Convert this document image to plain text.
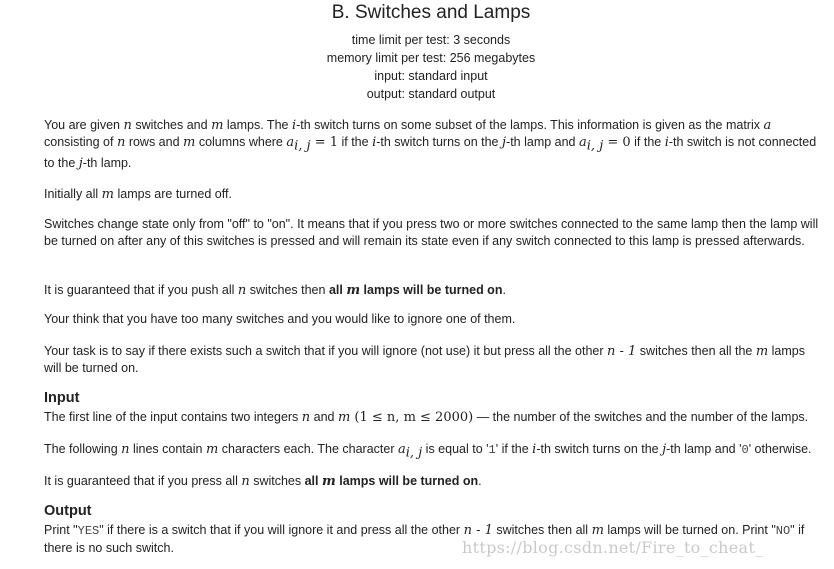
B. Switches and Lamps
time limit per test: 3 seconds
memory limit per test: 256 megabytes
input: standard input
output: standard output
You are given n switches and m lamps. The i-th switch turns on some subset of the lamps. This information is given as the matrix a consisting of n rows and m columns where $a_{i, j} = 1$ if the i-th switch turns on the j-th lamp and $a_{i, j} = 0$ if the i-th switch is not connected to the j-th lamp.
Initially all m lamps are turned off.
Switches change state only from "off" to "on". It means that if you press two or more switches connected to the same lamp then the lamp will be turned on after any of this switches is pressed and will remain its state even if any switch connected to this lamp is pressed afterwards.
It is guaranteed that if you push all n switches then all m lamps will be turned on.
Your think that you have too many switches and you would like to ignore one of them.
Your task is to say if there exists such a switch that if you will ignore (not use) it but press all the other n - 1 switches then all the m lamps will be turned on.
Input
The first line of the input contains two integers n and m (1 ≤ n, m ≤ 2000) — the number of the switches and the number of the lamps.
The following n lines contain m characters each. The character $a_{i, j}$ is equal to '1' if the i-th switch turns on the j-th lamp and '0' otherwise.
It is guaranteed that if you press all n switches all m lamps will be turned on.
Output
Print "YES" if there is a switch that if you will ignore it and press all the other n - 1 switches then all m lamps will be turned on. Print "NO" if there is no such switch.	https://blog.csdn.net/Fire_to_cheat_
